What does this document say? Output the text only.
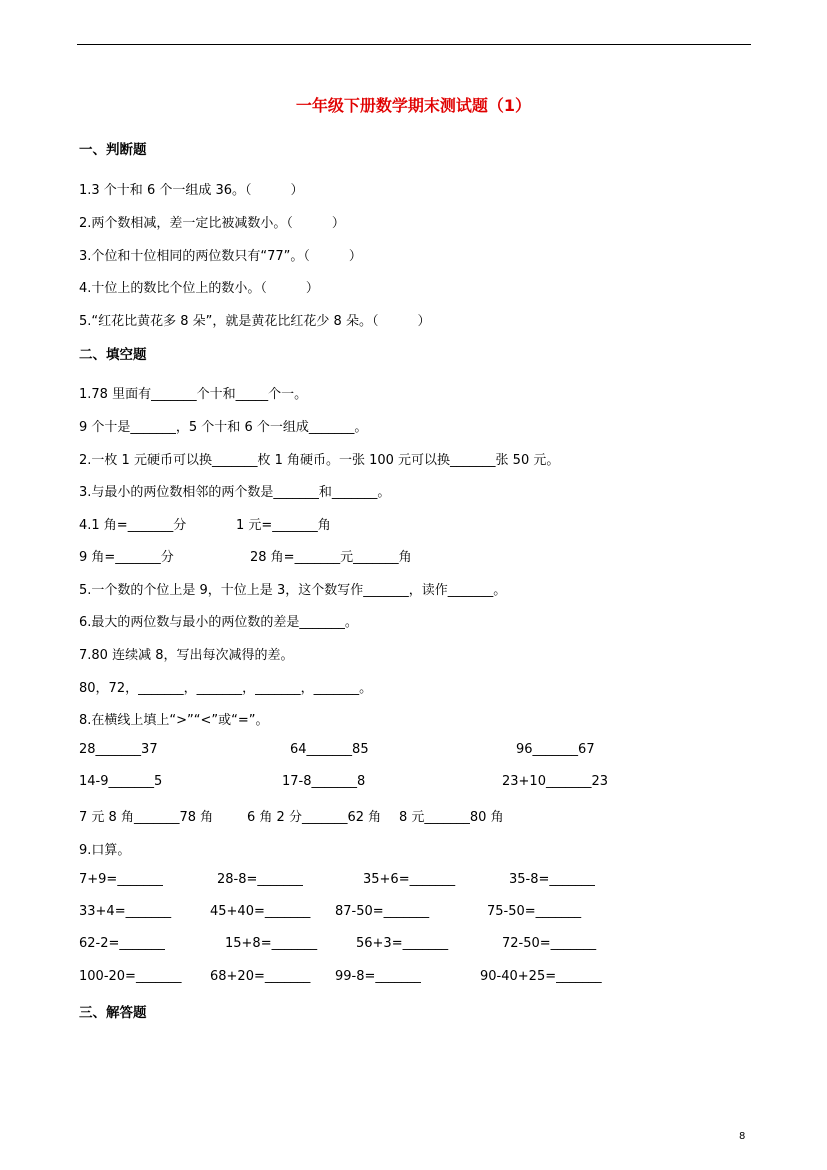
一年级下册数学期末测试题（1）
一、判断题
1.3 个十和 6 个一组成 36。（　　　）
2.两个数相减，差一定比被减数小。（　　　）
3.个位和十位相同的两位数只有“77”。（　　　）
4.十位上的数比个位上的数小。（　　　）
5.“红花比黄花多 8 朵”，就是黄花比红花少 8 朵。（　　　）
二、填空题
1.78 里面有_______个十和_____个一。
9 个十是_______，5 个十和 6 个一组成_______。
2.一枚 1 元硬币可以换_______枚 1 角硬币。一张 100 元可以换_______张 50 元。
3.与最小的两位数相邻的两个数是_______和_______。
4.1 角=_______分	1 元=_______角
9 角=_______分	28 角=_______元_______角
5.一个数的个位上是 9，十位上是 3，这个数写作_______，读作_______。
6.最大的两位数与最小的两位数的差是_______。
7.80 连续减 8，写出每次减得的差。
80，72，_______，_______，_______，_______。
8.在横线上填上“>”“<”或“=”。
28_______37	64_______85	96_______67
14-9_______5	17-8_______8	23+10_______23
7 元 8 角_______78 角	6 角 2 分_______62 角 8 元_______80 角
9.口算。
7+9=_______	28-8=_______	35+6=_______	35-8=_______
33+4=_______	45+40=_______ 87-50=_______	75-50=_______
62-2=_______	15+8=_______	56+3=_______	72-50=_______
100-20=_______ 68+20=_______ 99-8=_______	90-40+25=_______
三、解答题
8
